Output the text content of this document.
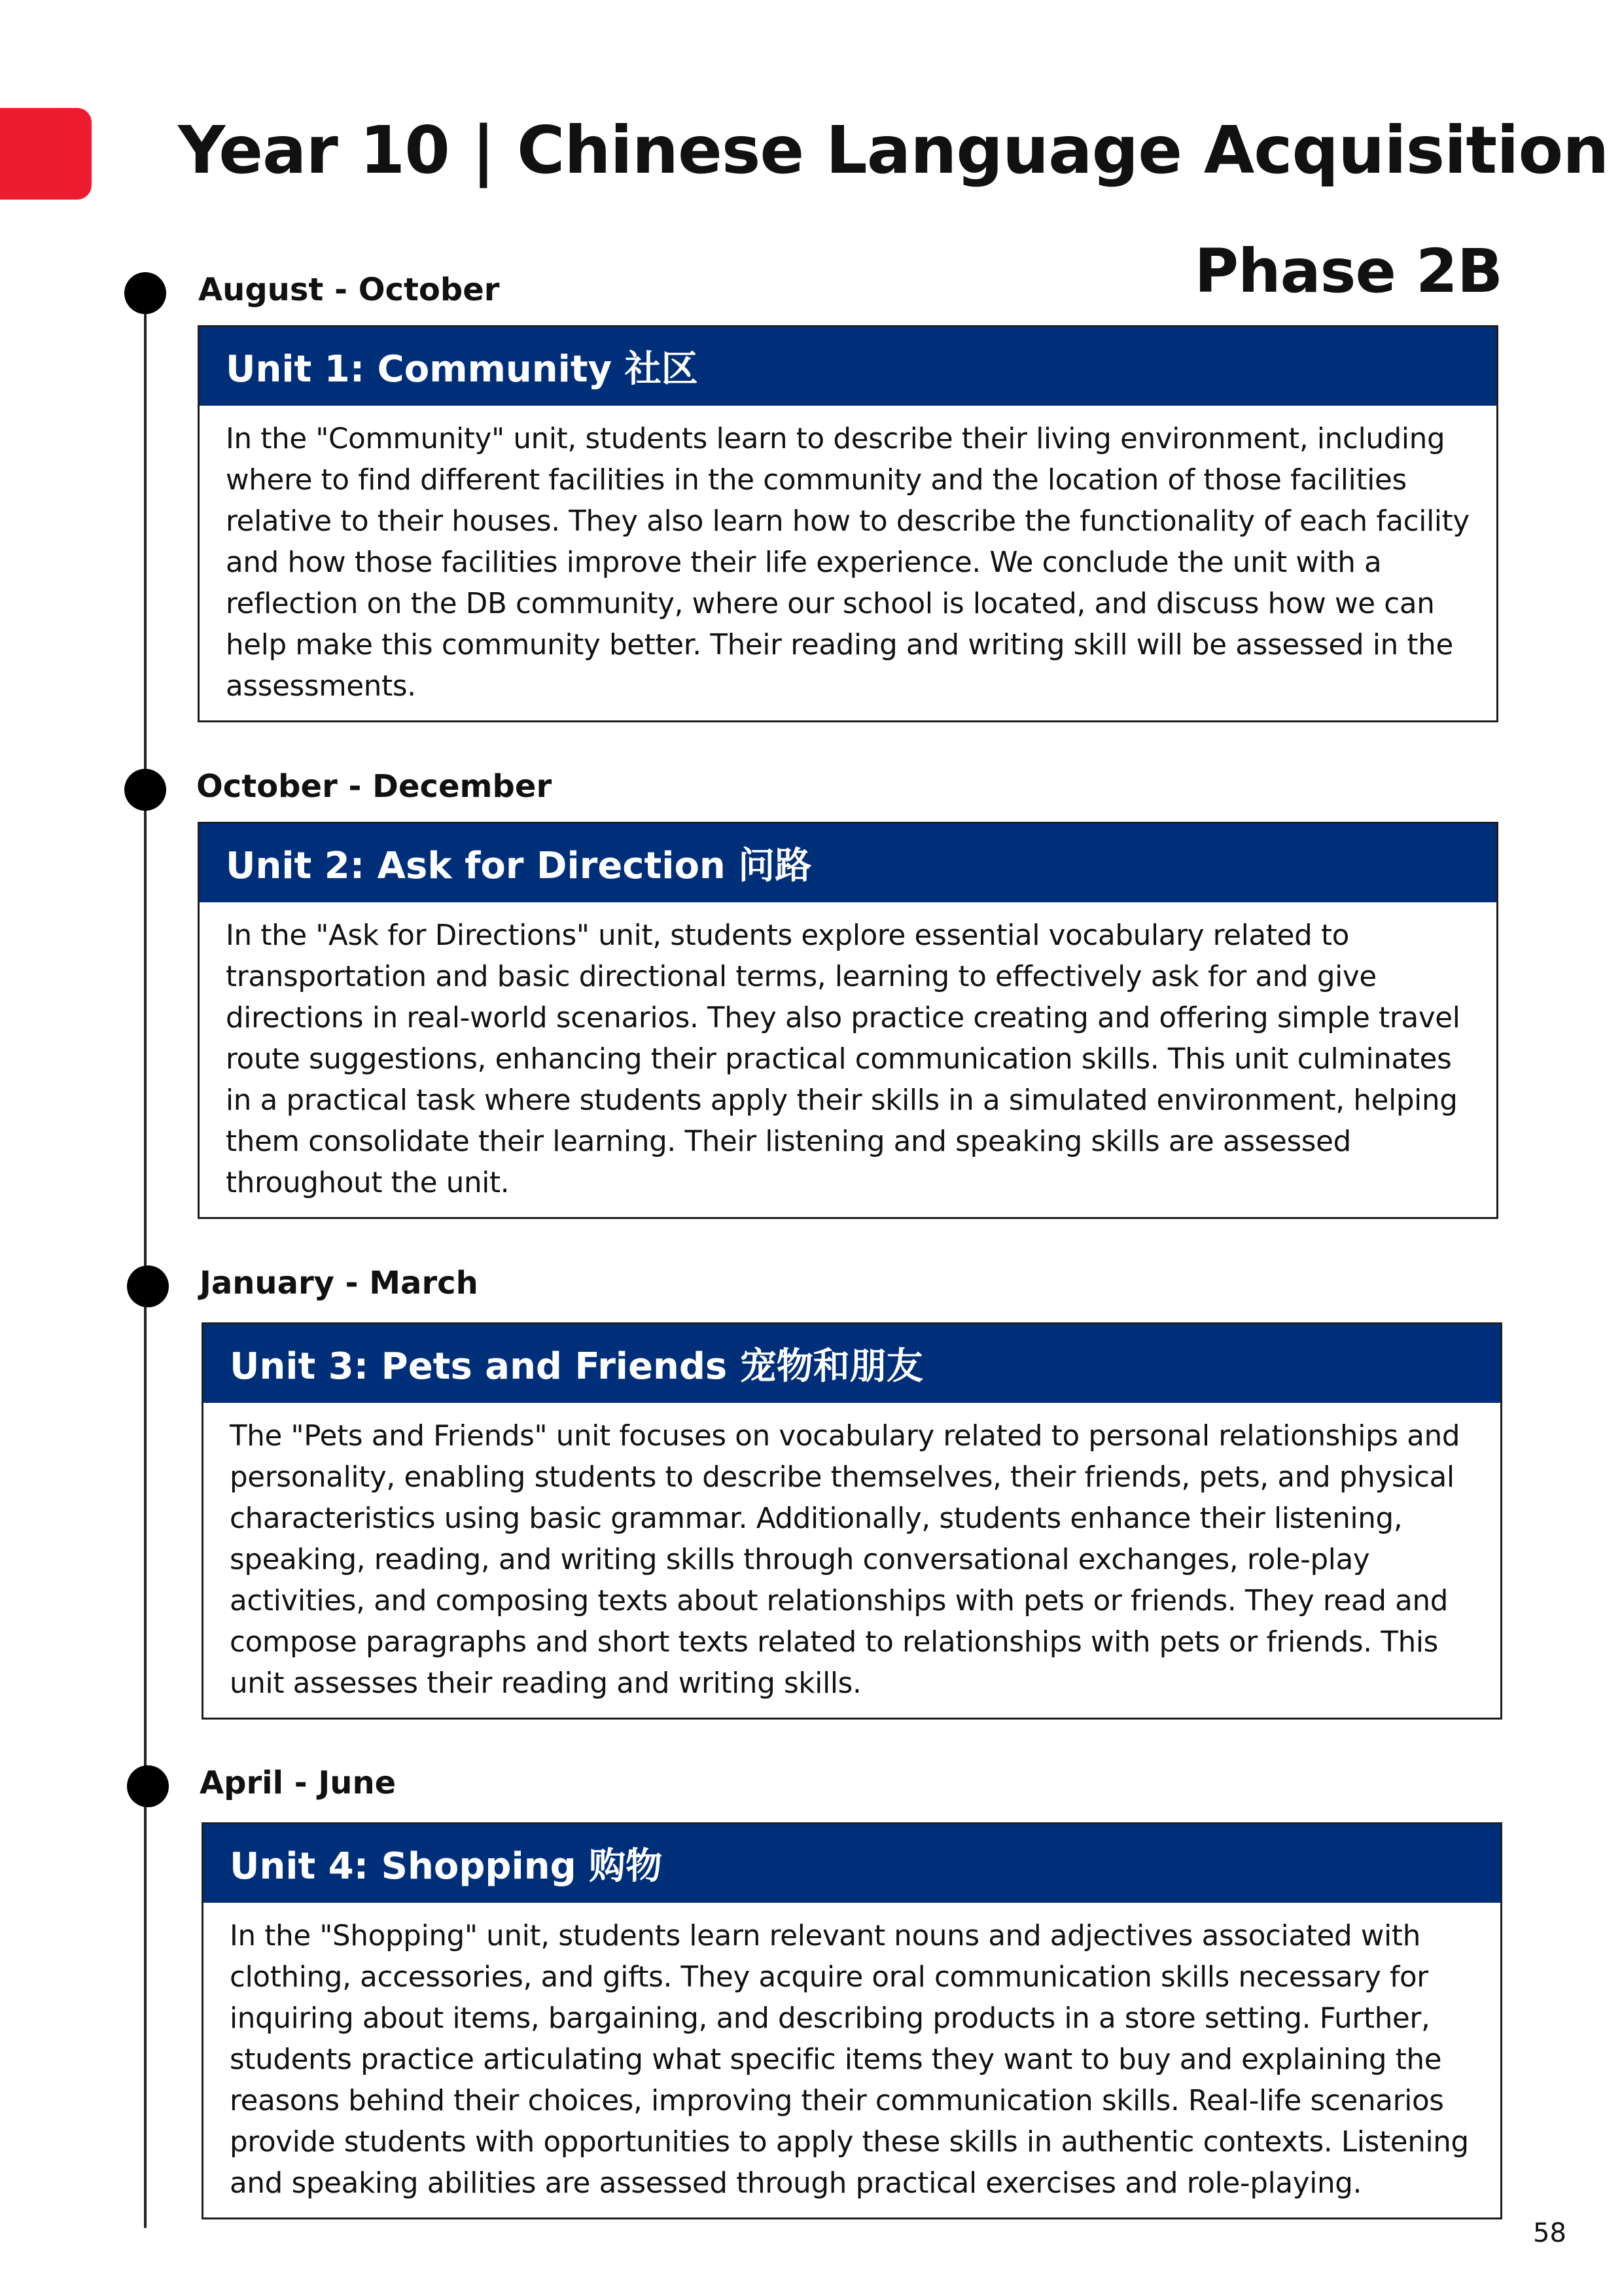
Year 10 | Chinese Language Acquisition
Phase 2B
August - October
Unit 1: Community 社区
In the "Community" unit, students learn to describe their living environment, including where to find different facilities in the community and the location of those facilities relative to their houses. They also learn how to describe the functionality of each facility and how those facilities improve their life experience. We conclude the unit with a reflection on the DB community, where our school is located, and discuss how we can help make this community better. Their reading and writing skill will be assessed in the assessments.
October - December
Unit 2: Ask for Direction 问路
In the "Ask for Directions" unit, students explore essential vocabulary related to transportation and basic directional terms, learning to effectively ask for and give directions in real-world scenarios. They also practice creating and offering simple travel route suggestions, enhancing their practical communication skills. This unit culminates in a practical task where students apply their skills in a simulated environment, helping them consolidate their learning. Their listening and speaking skills are assessed throughout the unit.
January - March
Unit 3: Pets and Friends 宠物和朋友
The "Pets and Friends" unit focuses on vocabulary related to personal relationships and personality, enabling students to describe themselves, their friends, pets, and physical characteristics using basic grammar. Additionally, students enhance their listening, speaking, reading, and writing skills through conversational exchanges, role-play activities, and composing texts about relationships with pets or friends. They read and compose paragraphs and short texts related to relationships with pets or friends. This unit assesses their reading and writing skills.
April - June
Unit 4: Shopping 购物
In the "Shopping" unit, students learn relevant nouns and adjectives associated with clothing, accessories, and gifts. They acquire oral communication skills necessary for inquiring about items, bargaining, and describing products in a store setting. Further, students practice articulating what specific items they want to buy and explaining the reasons behind their choices, improving their communication skills. Real-life scenarios provide students with opportunities to apply these skills in authentic contexts. Listening and speaking abilities are assessed through practical exercises and role-playing.
58
